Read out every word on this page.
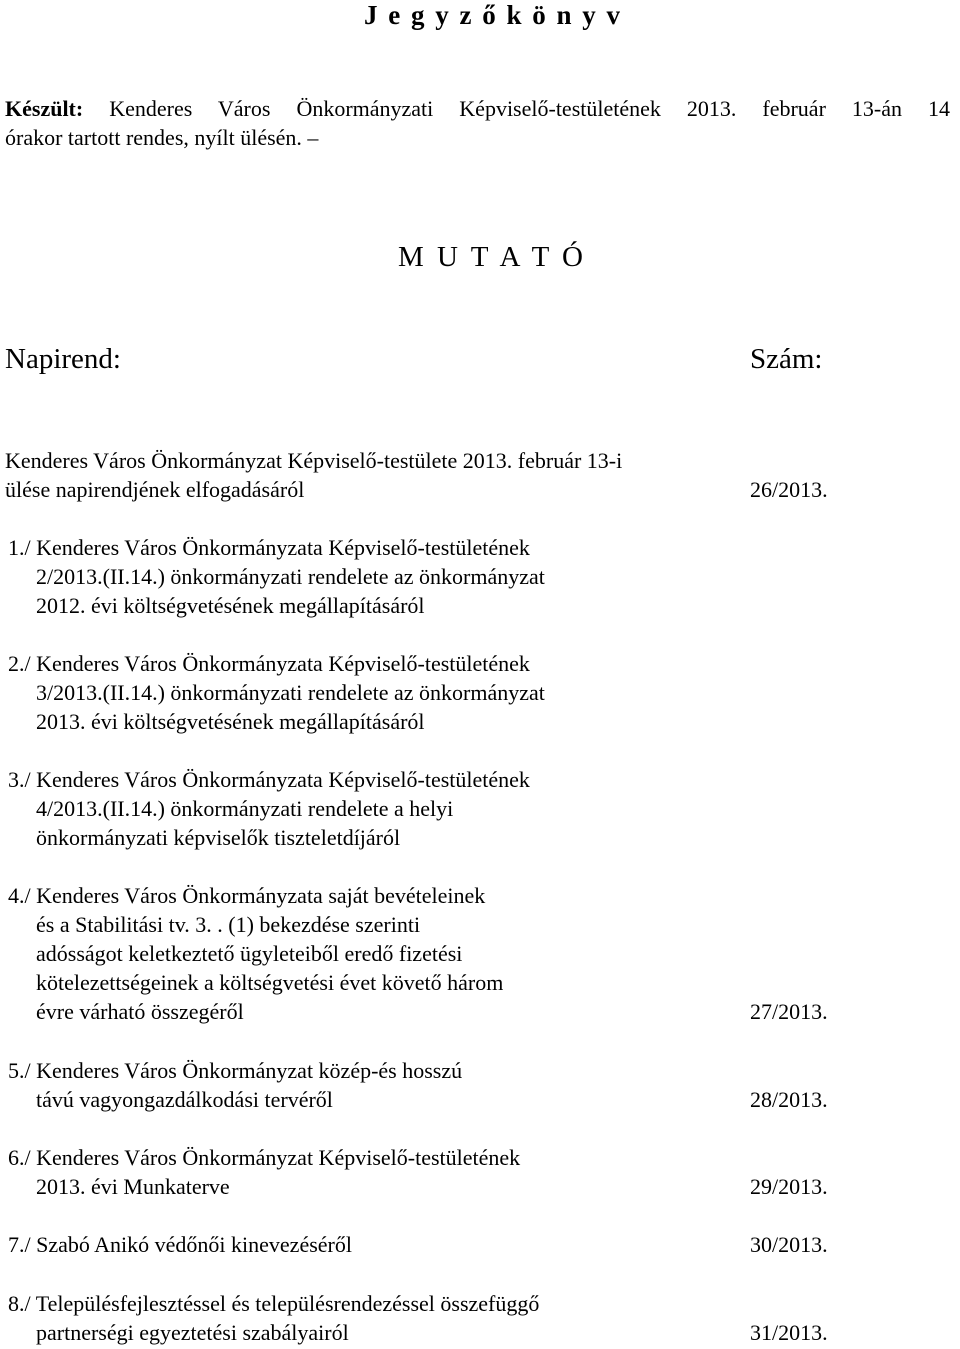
J e g y z ő k ö n y v
Készült: Kenderes Város Önkormányzati Képviselő-testületének 2013. február 13-án 14
órakor tartott rendes, nyílt ülésén. –
M U T A T Ó
Napirend:	Szám:
Kenderes Város Önkormányzat Képviselő-testülete 2013. február 13-i
ülése napirendjének elfogadásáról	26/2013.
1./ Kenderes Város Önkormányzata Képviselő-testületének
2/2013.(II.14.) önkormányzati rendelete az önkormányzat
2012. évi költségvetésének megállapításáról
2./ Kenderes Város Önkormányzata Képviselő-testületének
3/2013.(II.14.) önkormányzati rendelete az önkormányzat
2013. évi költségvetésének megállapításáról
3./ Kenderes Város Önkormányzata Képviselő-testületének
4/2013.(II.14.) önkormányzati rendelete a helyi
önkormányzati képviselők tiszteletdíjáról
4./ Kenderes Város Önkormányzata saját bevételeinek
és a Stabilitási tv. 3. . (1) bekezdése szerinti
adósságot keletkeztető ügyleteiből eredő fizetési
kötelezettségeinek a költségvetési évet követő három
évre várható összegéről	27/2013.
5./ Kenderes Város Önkormányzat közép-és hosszú
távú vagyongazdálkodási tervéről	28/2013.
6./ Kenderes Város Önkormányzat Képviselő-testületének
2013. évi Munkaterve	29/2013.
7./ Szabó Anikó védőnői kinevezéséről	30/2013.
8./ Településfejlesztéssel és településrendezéssel összefüggő
partnerségi egyeztetési szabályairól	31/2013.
